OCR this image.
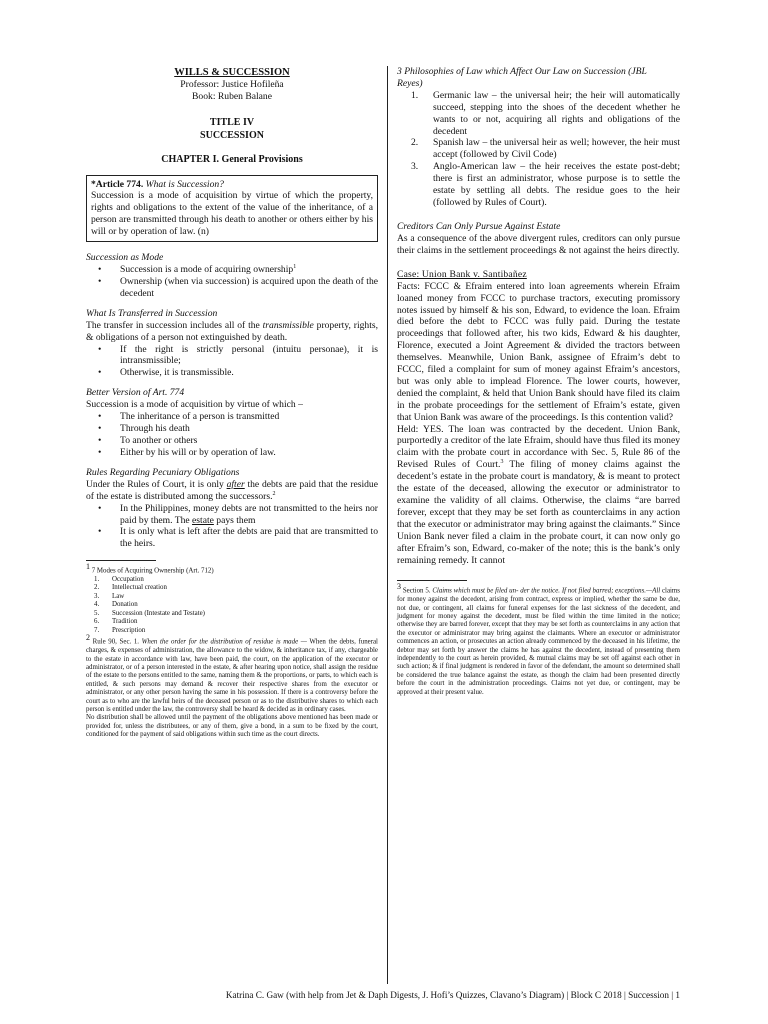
WILLS & SUCCESSION

Professor: Justice Hofileña

Book: Ruben Balane

TITLE IV

SUCCESSION

CHAPTER I. General Provisions

*Article 774. What is Succession?

Succession is a mode of acquisition by virtue of which the property, rights and obligations to the extent of the value of the inheritance, of a person are transmitted through his death to another or others either by his will or by operation of law. (n)

Succession as Mode

• Succession is a mode of acquiring ownership$^1$
• Ownership (when via succession) is acquired upon the death of the decedent

What Is Transferred in Succession

The transfer in succession includes all of the transmissible property, rights, & obligations of a person not extinguished by death.

• If the right is strictly personal (intuitu personae), it is intransmissible;
• Otherwise, it is transmissible.

Better Version of Art. 774

Succession is a mode of acquisition by virtue of which –

• The inheritance of a person is transmitted
• Through his death
• To another or others
• Either by his will or by operation of law.

Rules Regarding Pecuniary Obligations

Under the Rules of Court, it is only after the debts are paid that the residue of the estate is distributed among the successors.$^2$

• In the Philippines, money debts are not transmitted to the heirs nor paid by them. The estate pays them
• It is only what is left after the debts are paid that are transmitted to the heirs.

1 7 Modes of Acquiring Ownership (Art. 712)

1. Occupation
2. Intellectual creation
3. Law
4. Donation
5. Succession (Intestate and Testate)
6. Tradition
7. Prescription

2 Rule 90, Sec. 1. When the order for the distribution of residue is made — When the debts, funeral charges, & expenses of administration, the allowance to the widow, & inheritance tax, if any, chargeable to the estate in accordance with law, have been paid, the court, on the application of the executor or administrator, or of a person interested in the estate, & after hearing upon notice, shall assign the residue of the estate to the persons entitled to the same, naming them & the proportions, or parts, to which each is entitled, & such persons may demand & recover their respective shares from the executor or administrator, or any other person having the same in his possession. If there is a controversy before the court as to who are the lawful heirs of the deceased person or as to the distributive shares to which each person is entitled under the law, the controversy shall be heard & decided as in ordinary cases.

No distribution shall be allowed until the payment of the obligations above mentioned has been made or provided for, unless the distributees, or any of them, give a bond, in a sum to be fixed by the court, conditioned for the payment of said obligations within such time as the court directs.

3 Philosophies of Law which Affect Our Law on Succession (JBL Reyes)

1. Germanic law – the universal heir; the heir will automatically succeed, stepping into the shoes of the decedent whether he wants to or not, acquiring all rights and obligations of the decedent
2. Spanish law – the universal heir as well; however, the heir must accept (followed by Civil Code)
3. Anglo-American law – the heir receives the estate post-debt; there is first an administrator, whose purpose is to settle the estate by settling all debts. The residue goes to the heir (followed by Rules of Court).

Creditors Can Only Pursue Against Estate

As a consequence of the above divergent rules, creditors can only pursue their claims in the settlement proceedings & not against the heirs directly.

Case: Union Bank v. Santibañez

Facts: FCCC & Efraim entered into loan agreements wherein Efraim loaned money from FCCC to purchase tractors, executing promissory notes issued by himself & his son, Edward, to evidence the loan. Efraim died before the debt to FCCC was fully paid. During the testate proceedings that followed after, his two kids, Edward & his daughter, Florence, executed a Joint Agreement & divided the tractors between themselves. Meanwhile, Union Bank, assignee of Efraim’s debt to FCCC, filed a complaint for sum of money against Efraim’s ancestors, but was only able to implead Florence. The lower courts, however, denied the complaint, & held that Union Bank should have filed its claim in the probate proceedings for the settlement of Efraim’s estate, given that Union Bank was aware of the proceedings. Is this contention valid?

Held: YES. The loan was contracted by the decedent. Union Bank, purportedly a creditor of the late Efraim, should have thus filed its money claim with the probate court in accordance with Sec. 5, Rule 86 of the Revised Rules of Court.$^3$ The filing of money claims against the decedent’s estate in the probate court is mandatory, & is meant to protect the estate of the deceased, allowing the executor or administrator to examine the validity of all claims. Otherwise, the claims “are barred forever, except that they may be set forth as counterclaims in any action that the executor or administrator may bring against the claimants.” Since Union Bank never filed a claim in the probate court, it can now only go after Efraim’s son, Edward, co-maker of the note; this is the bank’s only remaining remedy. It cannot

3 Section 5. Claims which must be filed un- der the notice. If not filed barred; exceptions.—All claims for money against the decedent, arising from contract, express or implied, whether the same be due, not due, or contingent, all claims for funeral expenses for the last sickness of the decedent, and judgment for money against the decedent, must be filed within the time limited in the notice; otherwise they are barred forever, except that they may be set forth as counterclaims in any action that the executor or administrator may bring against the claimants. Where an executor or administrator commences an action, or prosecutes an action already commenced by the deceased in his lifetime, the debtor may set forth by answer the claims he has against the decedent, instead of presenting them independently to the court as herein provided, & mutual claims may be set off against each other in such action; & if final judgment is rendered in favor of the defendant, the amount so determined shall be considered the true balance against the estate, as though the claim had been presented directly before the court in the administration proceedings. Claims not yet due, or contingent, may be approved at their present value.

Katrina C. Gaw (with help from Jet & Daph Digests, J. Hofi’s Quizzes, Clavano’s Diagram) | Block C 2018 | Succession | 1
